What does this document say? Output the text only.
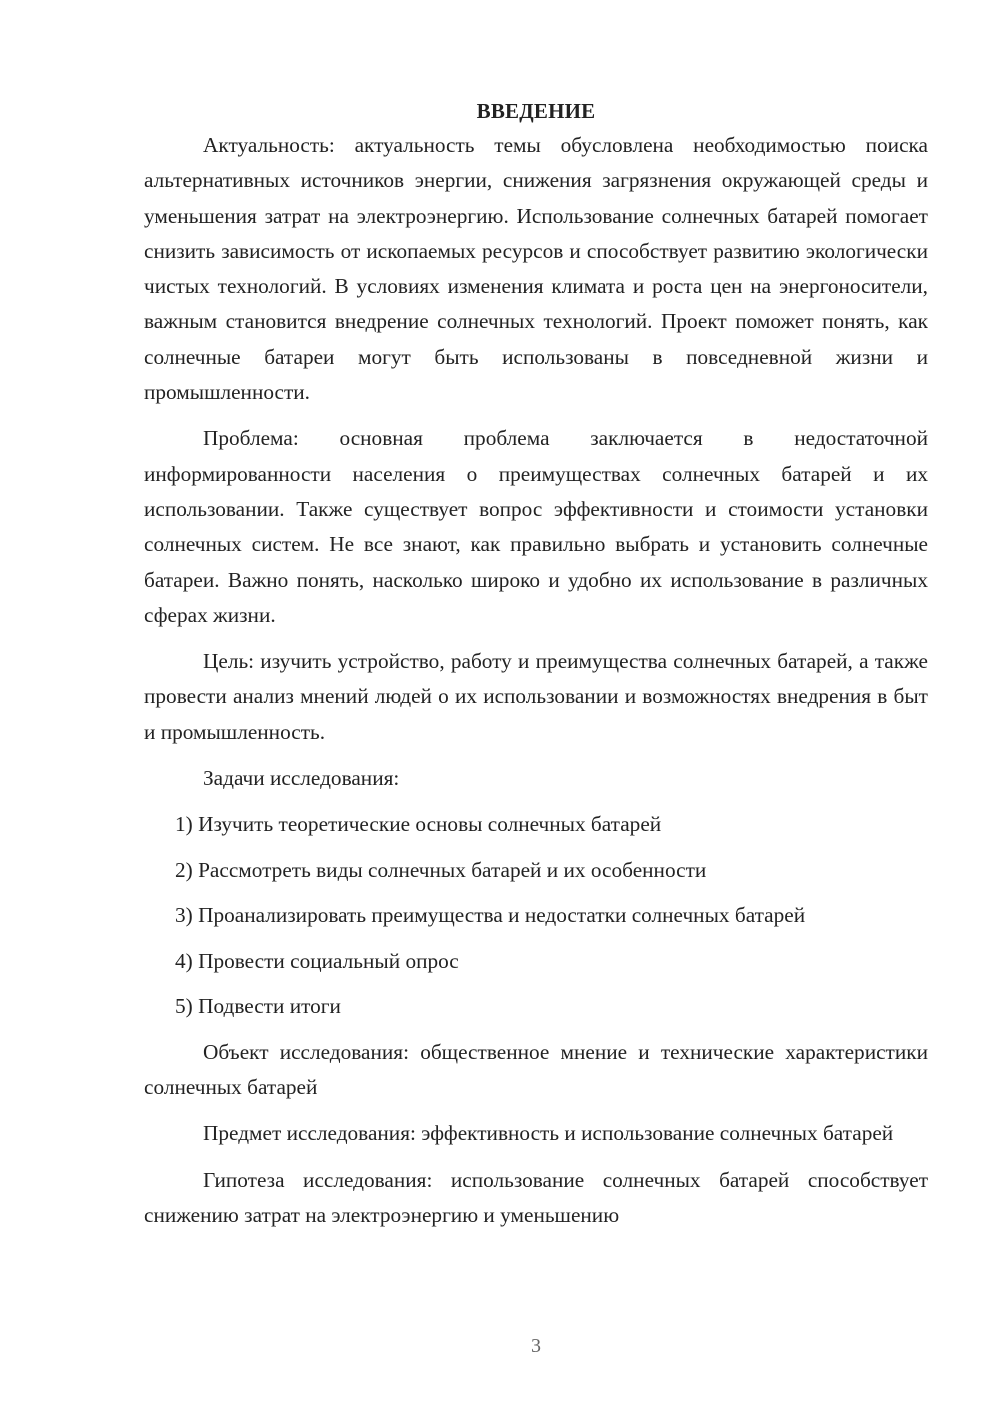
ВВЕДЕНИЕ

Актуальность: актуальность темы обусловлена необходимостью поиска альтернативных источников энергии, снижения загрязнения окружающей среды и уменьшения затрат на электроэнергию. Использование солнечных батарей помогает снизить зависимость от ископаемых ресурсов и способствует развитию экологически чистых технологий. В условиях изменения климата и роста цен на энергоносители, важным становится внедрение солнечных технологий. Проект поможет понять, как солнечные батареи могут быть использованы в повседневной жизни и промышленности.

Проблема: основная проблема заключается в недостаточной информированности населения о преимуществах солнечных батарей и их использовании. Также существует вопрос эффективности и стоимости установки солнечных систем. Не все знают, как правильно выбрать и установить солнечные батареи. Важно понять, насколько широко и удобно их использование в различных сферах жизни.

Цель: изучить устройство, работу и преимущества солнечных батарей, а также провести анализ мнений людей о их использовании и возможностях внедрения в быт и промышленность.

Задачи исследования:

1) Изучить теоретические основы солнечных батарей
2) Рассмотреть виды солнечных батарей и их особенности
3) Проанализировать преимущества и недостатки солнечных батарей
4) Провести социальный опрос
5) Подвести итоги

Объект исследования: общественное мнение и технические характеристики солнечных батарей

Предмет исследования: эффективность и использование солнечных батарей

Гипотеза исследования: использование солнечных батарей способствует снижению затрат на электроэнергию и уменьшению

3
